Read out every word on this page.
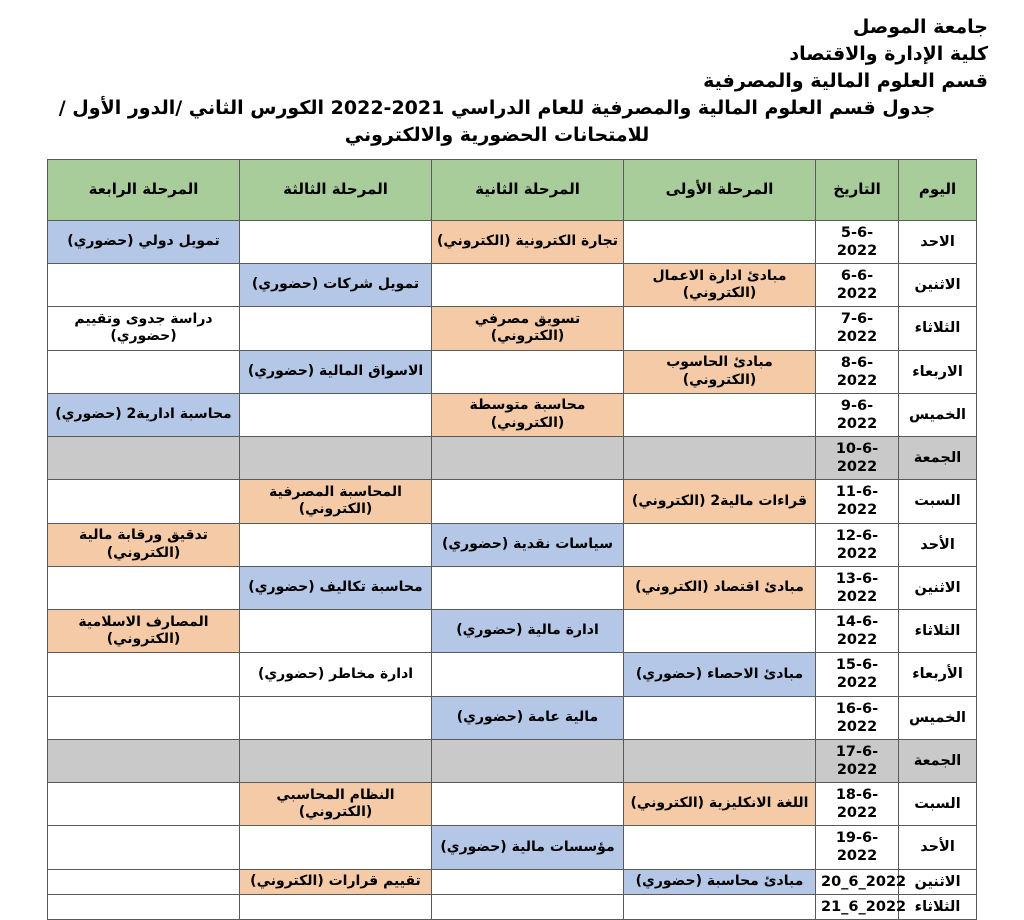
جامعة الموصل
كلية الإدارة والاقتصاد
قسم العلوم المالية والمصرفية
جدول قسم العلوم المالية والمصرفية للعام الدراسي 2021-2022 الكورس الثاني /الدور الأول / للامتحانات الحضورية والالكتروني
اليوم	التاريخ	المرحلة الأولى	المرحلة الثانية	المرحلة الثالثة	المرحلة الرابعة
الاحد	5-6-2022		تجارة الكترونية (الكتروني)		تمويل دولي (حضوري)
الاثنين	6-6-2022	مبادئ ادارة الاعمال (الكتروني)		تمويل شركات (حضوري)	
الثلاثاء	7-6-2022		تسويق مصرفي (الكتروني)		دراسة جدوى وتقييم (حضوري)
الاربعاء	8-6-2022	مبادئ الحاسوب (الكتروني)		الاسواق المالية (حضوري)	
الخميس	9-6-2022		محاسبة متوسطة (الكتروني)		محاسبة ادارية2 (حضوري)
الجمعة	10-6-2022				
السبت	11-6-2022	قراءات مالية2 (الكتروني)		المحاسبة المصرفية (الكتروني)	
الأحد	12-6-2022		سياسات نقدية (حضوري)		تدقيق ورقابة مالية (الكتروني)
الاثنين	13-6-2022	مبادئ اقتصاد (الكتروني)		محاسبة تكاليف (حضوري)	
الثلاثاء	14-6-2022		ادارة مالية (حضوري)		المصارف الاسلامية (الكتروني)
الأربعاء	15-6-2022	مبادئ الاحصاء (حضوري)		ادارة مخاطر (حضوري)	
الخميس	16-6-2022		مالية عامة (حضوري)		
الجمعة	17-6-2022				
السبت	18-6-2022	اللغة الانكليزية (الكتروني)		النظام المحاسبي (الكتروني)	
الأحد	19-6-2022		مؤسسات مالية (حضوري)		
الاثنين	20_6_2022	مبادئ محاسبة (حضوري)		تقييم قرارات (الكتروني)	
الثلاثاء	21_6_2022				
